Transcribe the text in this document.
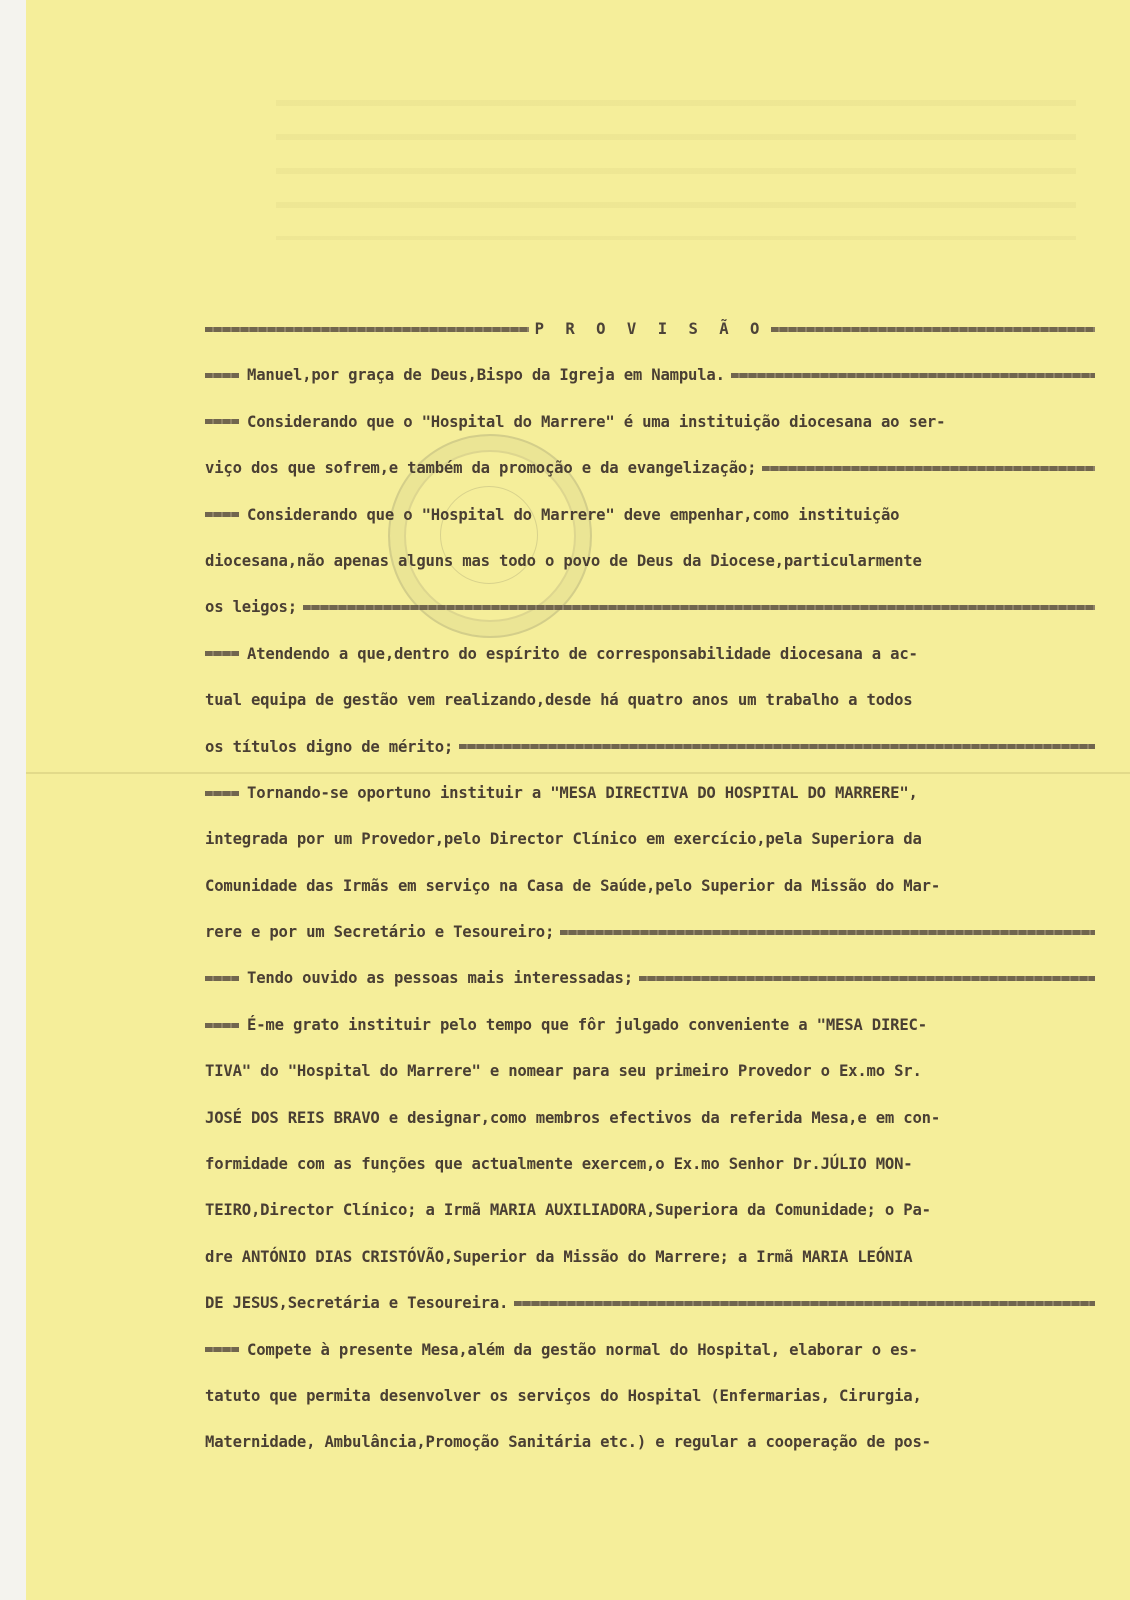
P R O V I S Ã O
Manuel,por graça de Deus,Bispo da Igreja em Nampula.
Considerando que o "Hospital do Marrere" é uma instituição diocesana ao ser-
viço dos que sofrem,e também da promoção e da evangelização;
Considerando que o "Hospital do Marrere" deve empenhar,como instituição
diocesana,não apenas alguns mas todo o povo de Deus da Diocese,particularmente
os leigos;
Atendendo a que,dentro do espírito de corresponsabilidade diocesana a ac-
tual equipa de gestão vem realizando,desde há quatro anos um trabalho a todos
os títulos digno de mérito;
Tornando-se oportuno instituir a "MESA DIRECTIVA DO HOSPITAL DO MARRERE",
integrada por um Provedor,pelo Director Clínico em exercício,pela Superiora da
Comunidade das Irmãs em serviço na Casa de Saúde,pelo Superior da Missão do Mar-
rere e por um Secretário e Tesoureiro;
Tendo ouvido as pessoas mais interessadas;
É-me grato instituir pelo tempo que fôr julgado conveniente a "MESA DIREC-
TIVA" do "Hospital do Marrere" e nomear para seu primeiro Provedor o Ex.mo Sr.
JOSÉ DOS REIS BRAVO e designar,como membros efectivos da referida Mesa,e em con-
formidade com as funções que actualmente exercem,o Ex.mo Senhor Dr.JÚLIO MON-
TEIRO,Director Clínico; a Irmã MARIA AUXILIADORA,Superiora da Comunidade; o Pa-
dre ANTÓNIO DIAS CRISTÓVÃO,Superior da Missão do Marrere; a Irmã MARIA LEÓNIA
DE JESUS,Secretária e Tesoureira.
Compete à presente Mesa,além da gestão normal do Hospital, elaborar o es-
tatuto que permita desenvolver os serviços do Hospital (Enfermarias, Cirurgia,
Maternidade, Ambulância,Promoção Sanitária etc.) e regular a cooperação de pos-
